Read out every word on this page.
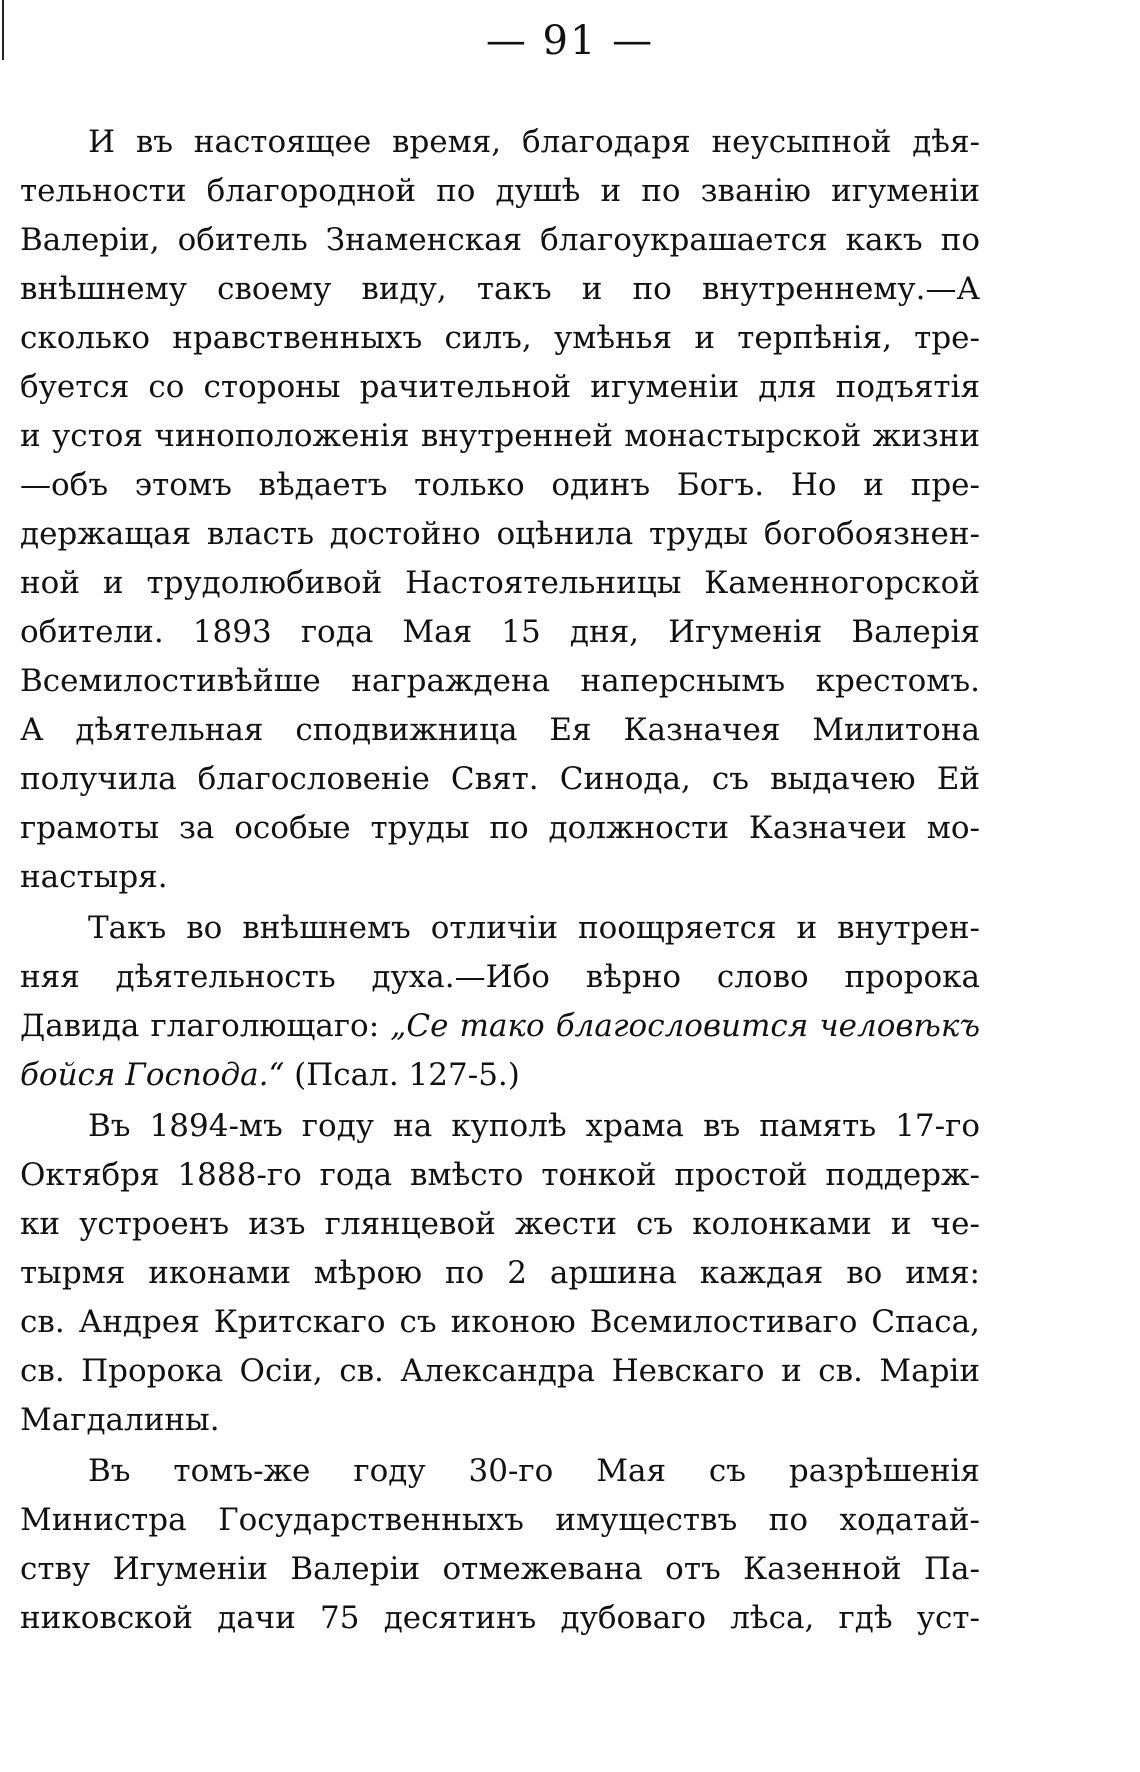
— 91 —
И въ настоящее время, благодаря неусыпной дѣя-
тельности благородной по душѣ и по званію игуменіи
Валеріи, обитель Знаменская благоукрашается какъ по
внѣшнему своему виду, такъ и по внутреннему.—А
сколько нравственныхъ силъ, умѣнья и терпѣнія, тре-
буется со стороны рачительной игуменіи для подъятія
и устоя чиноположенія внутренней монастырской жизни
—объ этомъ вѣдаетъ только одинъ Богъ. Но и пре-
держащая власть достойно оцѣнила труды богобоязнен-
ной и трудолюбивой Настоятельницы Каменногорской
обители. 1893 года Мая 15 дня, Игуменія Валерія
Всемилостивѣйше награждена наперснымъ крестомъ.
А дѣятельная сподвижница Ея Казначея Милитона
получила благословеніе Свят. Синода, съ выдачею Ей
грамоты за особые труды по должности Казначеи мо-
настыря.
Такъ во внѣшнемъ отличіи поощряется и внутрен-
няя дѣятельность духа.—Ибо вѣрно слово пророка
Давида глаголющаго: „Се тако благословится человѣкъ
бойся Господа.“ (Псал. 127-5.)
Въ 1894-мъ году на куполѣ храма въ память 17-го
Октября 1888-го года вмѣсто тонкой простой поддерж-
ки устроенъ изъ глянцевой жести съ колонками и че-
тырмя иконами мѣрою по 2 аршина каждая во имя:
св. Андрея Критскаго съ иконою Всемилостиваго Спаса,
св. Пророка Осіи, св. Александра Невскаго и св. Маріи
Магдалины.
Въ томъ-же году 30-го Мая съ разрѣшенія
Министра Государственныхъ имуществъ по ходатай-
ству Игуменіи Валеріи отмежевана отъ Казенной Па-
никовской дачи 75 десятинъ дубоваго лѣса, гдѣ уст-
